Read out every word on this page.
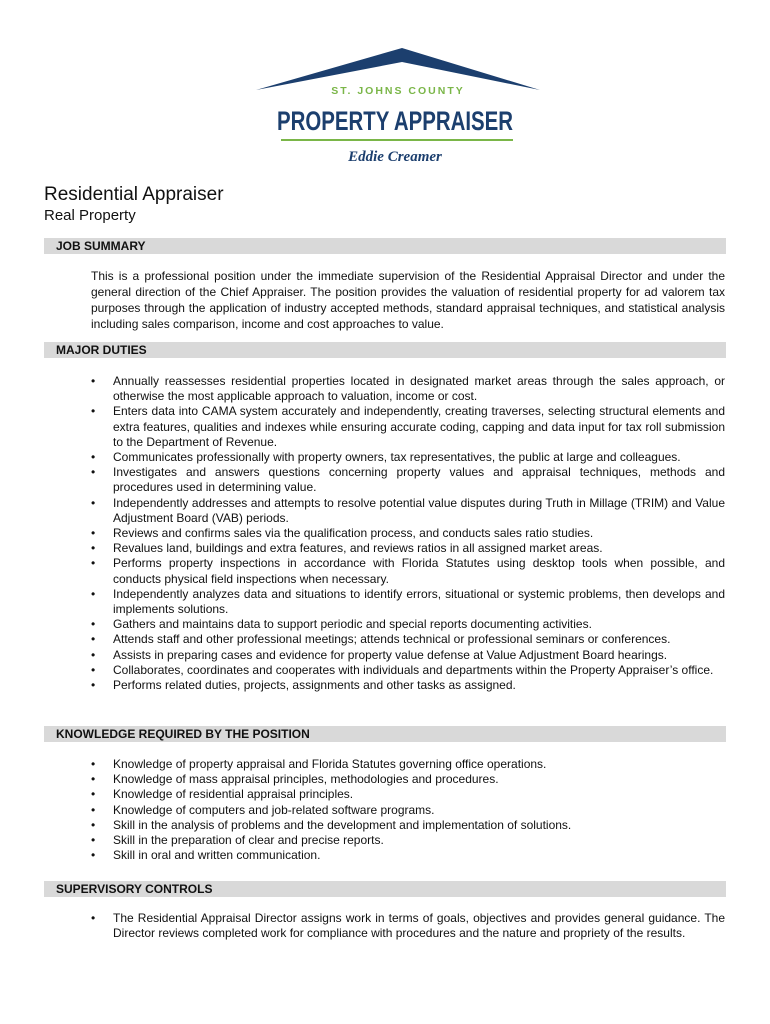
ST. JOHNS COUNTY
PROPERTY APPRAISER
Eddie Creamer
Residential Appraiser
Real Property
JOB SUMMARY

This is a professional position under the immediate supervision of the Residential Appraisal Director and under the general direction of the Chief Appraiser. The position provides the valuation of residential property for ad valorem tax purposes through the application of industry accepted methods, standard appraisal techniques, and statistical analysis including sales comparison, income and cost approaches to value.

MAJOR DUTIES
• Annually reassesses residential properties located in designated market areas through the sales approach, or otherwise the most applicable approach to valuation, income or cost.
• Enters data into CAMA system accurately and independently, creating traverses, selecting structural elements and extra features, qualities and indexes while ensuring accurate coding, capping and data input for tax roll submission to the Department of Revenue.
• Communicates professionally with property owners, tax representatives, the public at large and colleagues.
• Investigates and answers questions concerning property values and appraisal techniques, methods and procedures used in determining value.
• Independently addresses and attempts to resolve potential value disputes during Truth in Millage (TRIM) and Value Adjustment Board (VAB) periods.
• Reviews and confirms sales via the qualification process, and conducts sales ratio studies.
• Revalues land, buildings and extra features, and reviews ratios in all assigned market areas.
• Performs property inspections in accordance with Florida Statutes using desktop tools when possible, and conducts physical field inspections when necessary.
• Independently analyzes data and situations to identify errors, situational or systemic problems, then develops and implements solutions.
• Gathers and maintains data to support periodic and special reports documenting activities.
• Attends staff and other professional meetings; attends technical or professional seminars or conferences.
• Assists in preparing cases and evidence for property value defense at Value Adjustment Board hearings.
• Collaborates, coordinates and cooperates with individuals and departments within the Property Appraiser’s office.
• Performs related duties, projects, assignments and other tasks as assigned.
KNOWLEDGE REQUIRED BY THE POSITION
• Knowledge of property appraisal and Florida Statutes governing office operations.
• Knowledge of mass appraisal principles, methodologies and procedures.
• Knowledge of residential appraisal principles.
• Knowledge of computers and job-related software programs.
• Skill in the analysis of problems and the development and implementation of solutions.
• Skill in the preparation of clear and precise reports.
• Skill in oral and written communication.
SUPERVISORY CONTROLS
• The Residential Appraisal Director assigns work in terms of goals, objectives and provides general guidance. The Director reviews completed work for compliance with procedures and the nature and propriety of the results.
